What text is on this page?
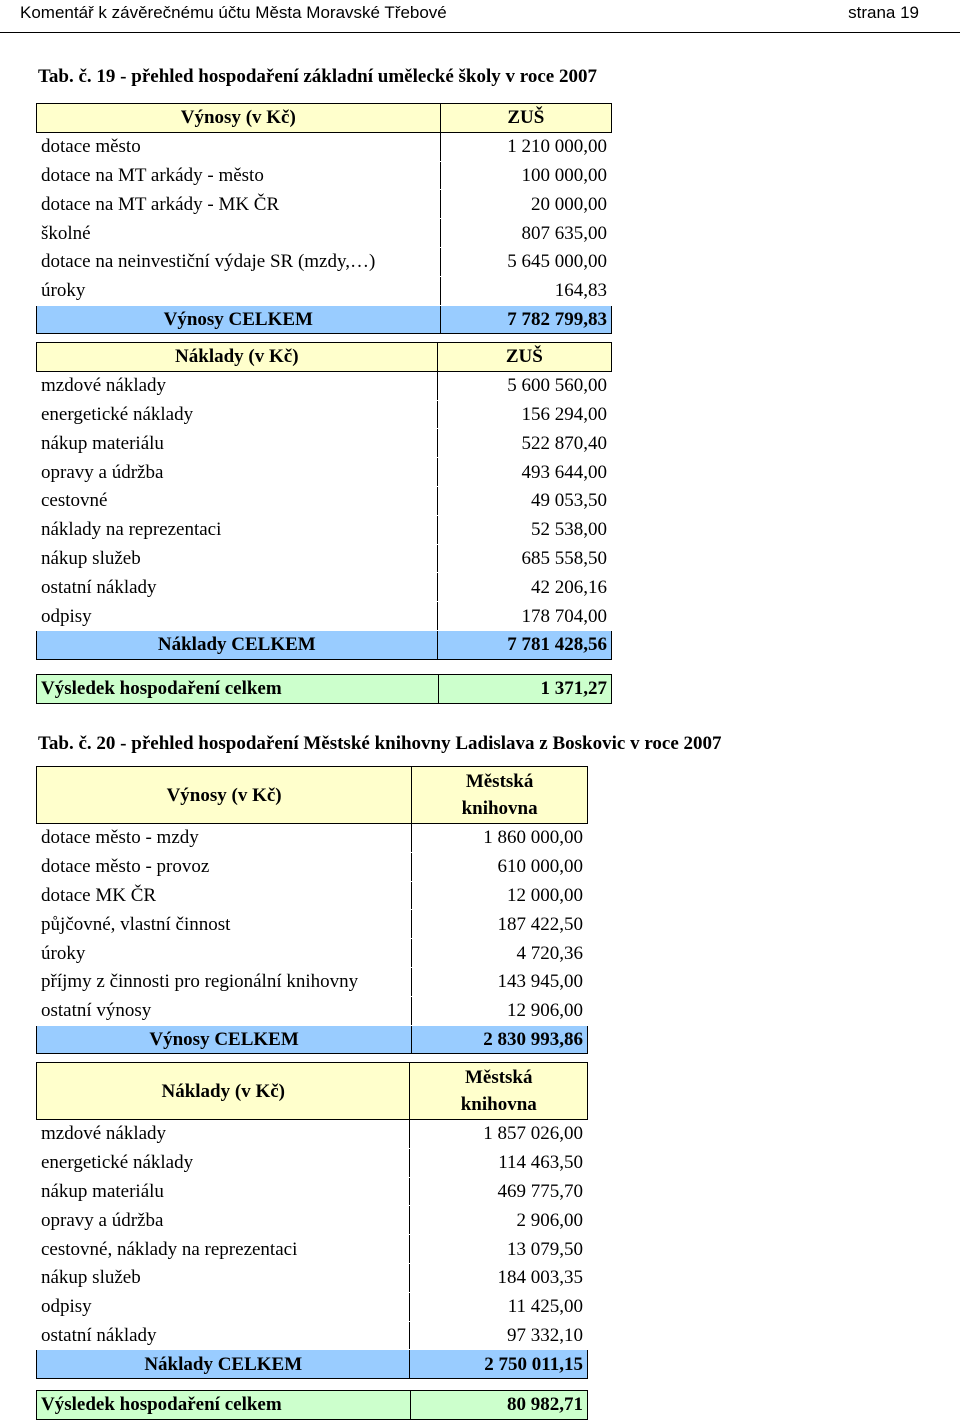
Komentář k závěrečnému účtu Města Moravské Třebové	strana 19
Tab. č. 19 - přehled hospodaření základní umělecké školy v roce 2007
Výnosy (v Kč)	ZUŠ
dotace město	1 210 000,00
dotace na MT arkády - město	100 000,00
dotace na MT arkády - MK ČR	20 000,00
školné	807 635,00
dotace na neinvestiční výdaje SR (mzdy,…)	5 645 000,00
úroky	164,83
Výnosy CELKEM	7 782 799,83
Náklady (v Kč)	ZUŠ
mzdové náklady	5 600 560,00
energetické náklady	156 294,00
nákup materiálu	522 870,40
opravy a údržba	493 644,00
cestovné	49 053,50
náklady na reprezentaci	52 538,00
nákup služeb	685 558,50
ostatní náklady	42 206,16
odpisy	178 704,00
Náklady CELKEM	7 781 428,56
Výsledek hospodaření celkem	1 371,27
Tab. č. 20 - přehled hospodaření Městské knihovny Ladislava z Boskovic v roce 2007
Výnosy (v Kč)	Městská
knihovna
dotace město - mzdy	1 860 000,00
dotace město - provoz	610 000,00
dotace MK ČR	12 000,00
půjčovné, vlastní činnost	187 422,50
úroky	4 720,36
příjmy z činnosti pro regionální knihovny	143 945,00
ostatní výnosy	12 906,00
Výnosy CELKEM	2 830 993,86
Náklady (v Kč)	Městská
knihovna
mzdové náklady	1 857 026,00
energetické náklady	114 463,50
nákup materiálu	469 775,70
opravy a údržba	2 906,00
cestovné, náklady na reprezentaci	13 079,50
nákup služeb	184 003,35
odpisy	11 425,00
ostatní náklady	97 332,10
Náklady CELKEM	2 750 011,15
Výsledek hospodaření celkem	80 982,71
